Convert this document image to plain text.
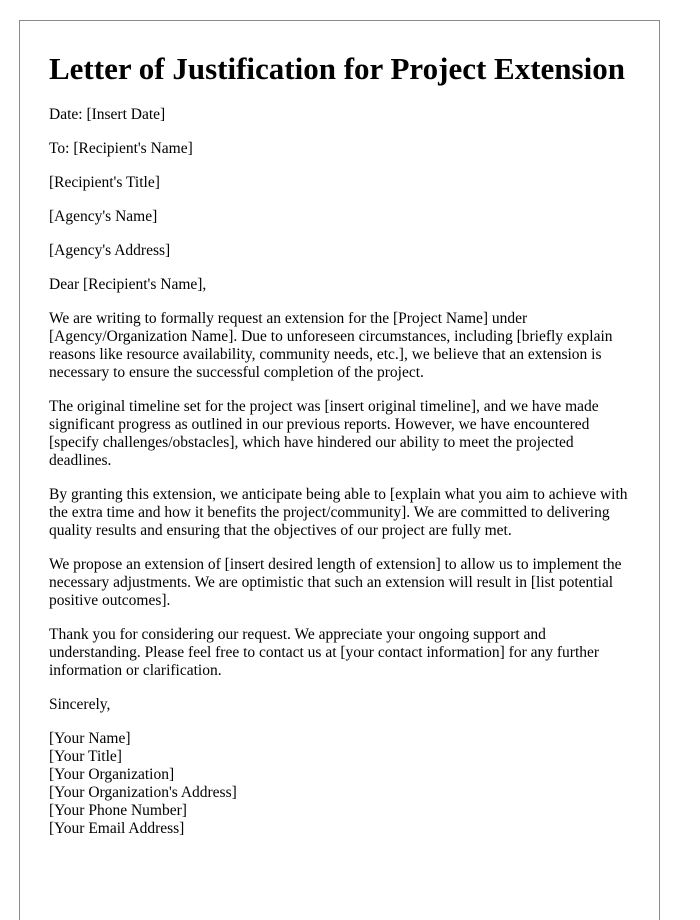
Letter of Justification for Project Extension

Date: [Insert Date]

To: [Recipient's Name]

[Recipient's Title]

[Agency's Name]

[Agency's Address]

Dear [Recipient's Name],

We are writing to formally request an extension for the [Project Name] under [Agency/Organization Name]. Due to unforeseen circumstances, including [briefly explain reasons like resource availability, community needs, etc.], we believe that an extension is necessary to ensure the successful completion of the project.

The original timeline set for the project was [insert original timeline], and we have made significant progress as outlined in our previous reports. However, we have encountered [specify challenges/obstacles], which have hindered our ability to meet the projected deadlines.

By granting this extension, we anticipate being able to [explain what you aim to achieve with the extra time and how it benefits the project/community]. We are committed to delivering quality results and ensuring that the objectives of our project are fully met.

We propose an extension of [insert desired length of extension] to allow us to implement the necessary adjustments. We are optimistic that such an extension will result in [list potential positive outcomes].

Thank you for considering our request. We appreciate your ongoing support and understanding. Please feel free to contact us at [your contact information] for any further information or clarification.

Sincerely,

[Your Name]

[Your Title]

[Your Organization]

[Your Organization's Address]

[Your Phone Number]

[Your Email Address]
